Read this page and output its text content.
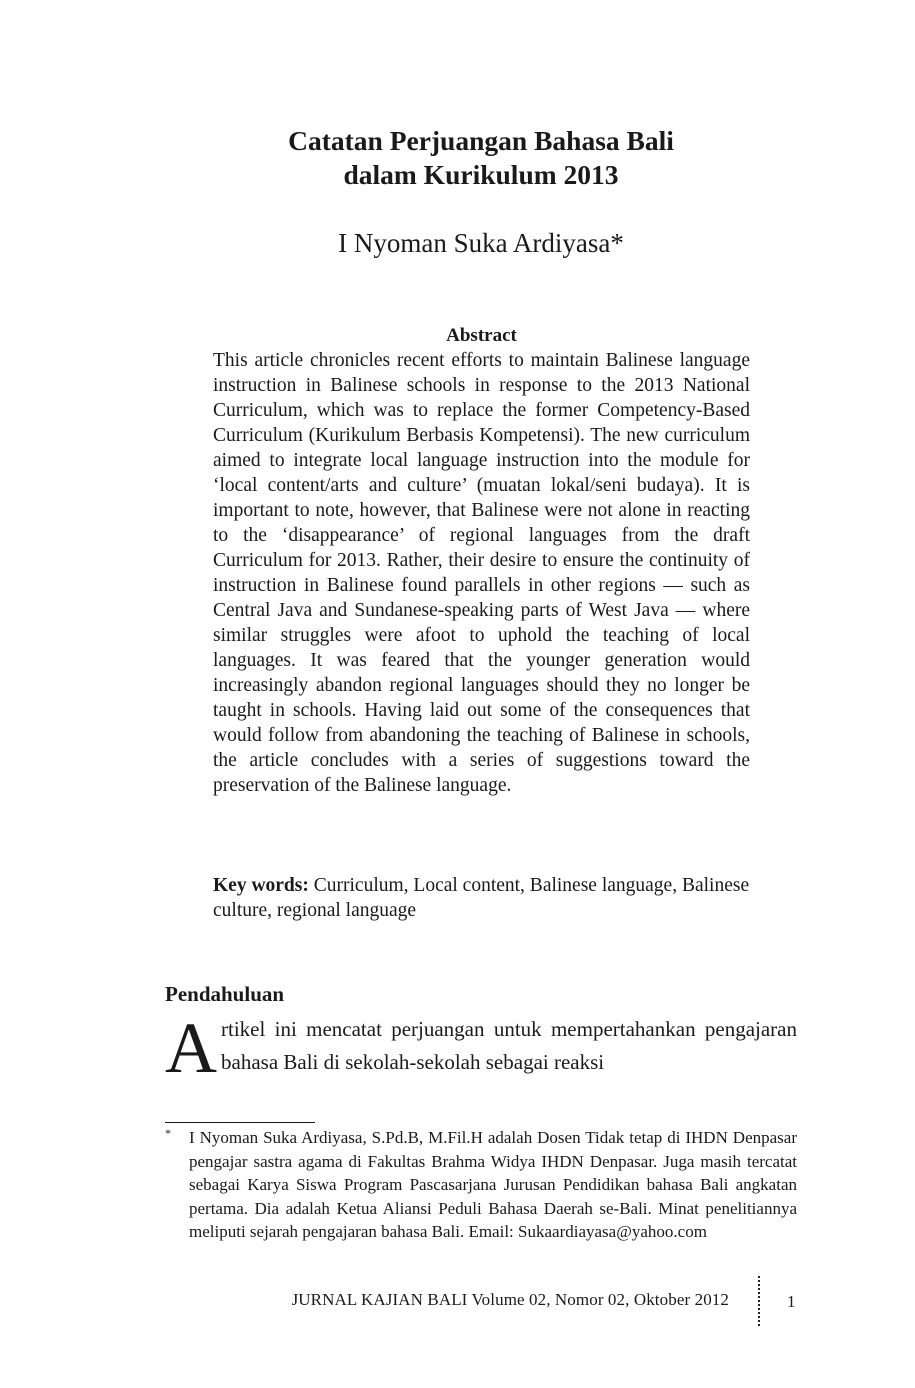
Catatan Perjuangan Bahasa Bali
dalam Kurikulum 2013
I Nyoman Suka Ardiyasa*
Abstract

This article chronicles recent efforts to maintain Balinese language instruction in Balinese schools in response to the 2013 National Curriculum, which was to replace the former Competency-Based Curriculum (Kurikulum Berbasis Kompetensi). The new curriculum aimed to integrate local language instruction into the module for ‘local content/arts and culture’ (muatan lokal/seni budaya). It is important to note, however, that Balinese were not alone in reacting to the ‘disappearance’ of regional languages from the draft Curriculum for 2013. Rather, their desire to ensure the continuity of instruction in Balinese found parallels in other regions — such as Central Java and Sundanese-speaking parts of West Java — where similar struggles were afoot to uphold the teaching of local languages. It was feared that the younger generation would increasingly abandon regional languages should they no longer be taught in schools. Having laid out some of the consequences that would follow from abandoning the teaching of Balinese in schools, the article concludes with a series of suggestions toward the preservation of the Balinese language.

Key words: Curriculum, Local content, Balinese language, Balinese culture, regional language

Pendahuluan

Artikel ini mencatat perjuangan untuk mempertahankan pengajaran bahasa Bali di sekolah-sekolah sebagai reaksi

* I Nyoman Suka Ardiyasa, S.Pd.B, M.Fil.H adalah Dosen Tidak tetap di IHDN Denpasar pengajar sastra agama di Fakultas Brahma Widya IHDN Denpasar. Juga masih tercatat sebagai Karya Siswa Program Pascasarjana Jurusan Pendidikan bahasa Bali angkatan pertama. Dia adalah Ketua Aliansi Peduli Bahasa Daerah se-Bali. Minat penelitiannya meliputi sejarah pengajaran bahasa Bali. Email: Sukaardiayasa@yahoo.com
JURNAL KAJIAN BALI Volume 02, Nomor 02, Oktober 2012	1
